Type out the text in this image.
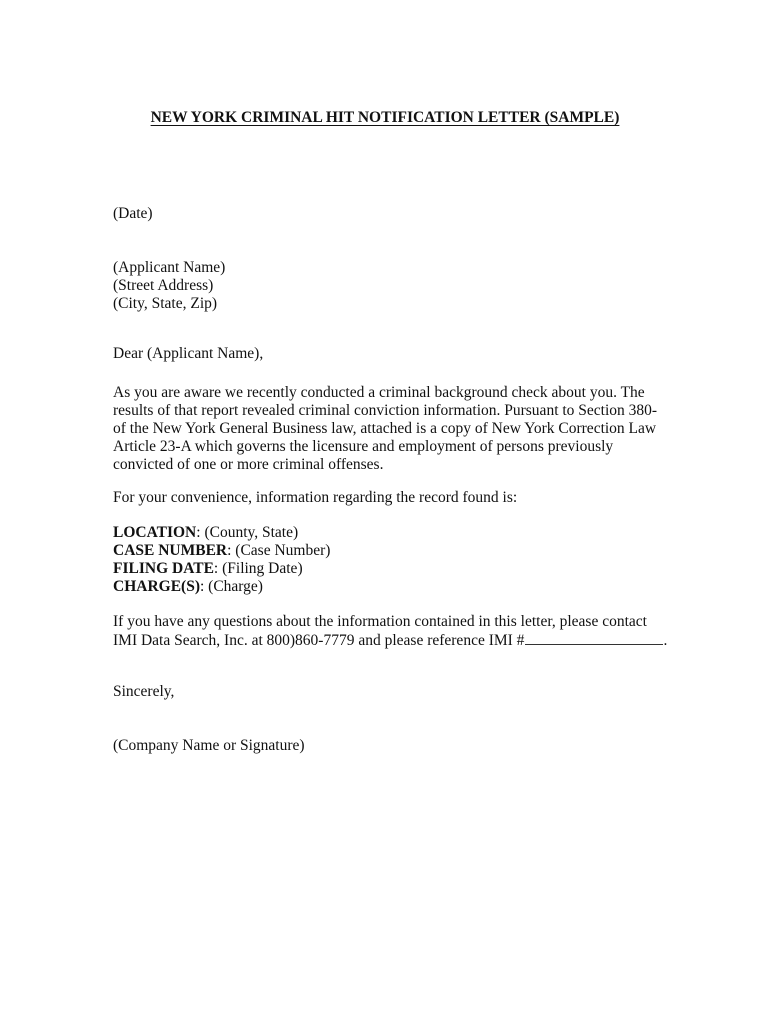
NEW YORK CRIMINAL HIT NOTIFICATION LETTER (SAMPLE)
(Date)
(Applicant Name)
(Street Address)
(City, State, Zip)
Dear (Applicant Name),
As you are aware we recently conducted a criminal background check about you. The
results of that report revealed criminal conviction information. Pursuant to Section 380-
of the New York General Business law, attached is a copy of New York Correction Law
Article 23-A which governs the licensure and employment of persons previously
convicted of one or more criminal offenses.
For your convenience, information regarding the record found is:
LOCATION: (County, State)
CASE NUMBER: (Case Number)
FILING DATE: (Filing Date)
CHARGE(S): (Charge)
If you have any questions about the information contained in this letter, please contact
IMI Data Search, Inc. at 800)860-7779 and please reference IMI #	.
Sincerely,
(Company Name or Signature)
